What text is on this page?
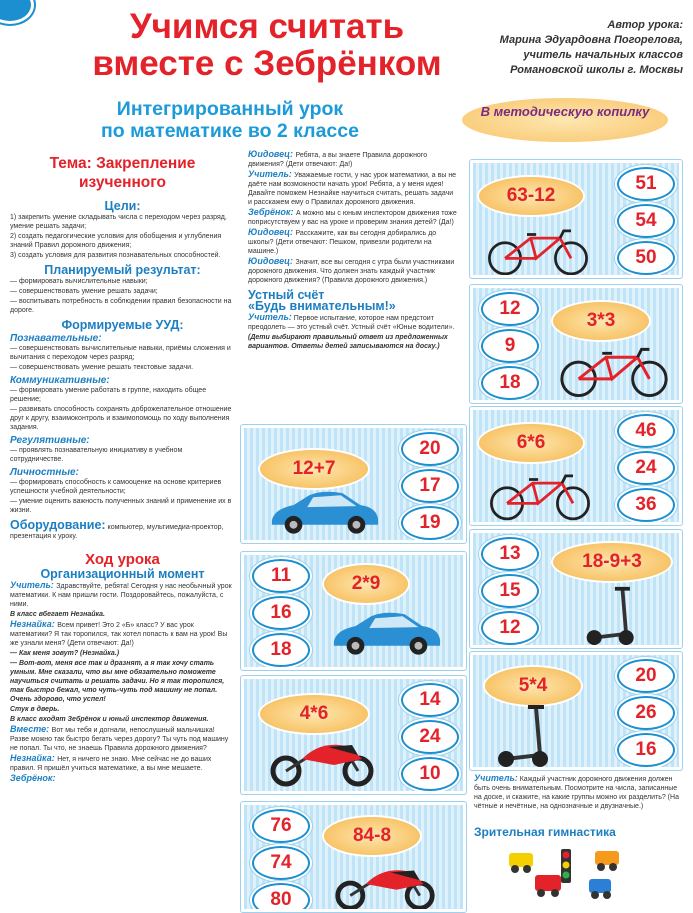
Учимся считать
вместе с Зебрёнком
Автор урока:
Марина Эдуардовна Погорелова,
учитель начальных классов
Романовской школы г. Москвы
Интегрированный урок
по математике во 2 классе
В методическую копилку
Тема: Закрепление изученного
Цели:
1) закрепить умение складывать числа с переходом через разряд, умение решать задачи;
2) создать педагогические условия для обобщения и углубления знаний Правил дорожного движения;
3) создать условия для развития познавательных способностей.
Планируемый результат:
— формировать вычислительные навыки;
— совершенствовать умение решать задачи;
— воспитывать потребность в соблюдении правил безопасности на дороге.
Формируемые УУД:
Познавательные:
— совершенствовать вычислительные навыки, приёмы сложения и вычитания с переходом через разряд;
— совершенствовать умение решать текстовые задачи.
Коммуникативные:
— формировать умение работать в группе, находить общее решение;
— развивать способность сохранять доброжелательное отношение друг к другу, взаимоконтроль и взаимопомощь по ходу выполнения задания.
Регулятивные:
— проявлять познавательную инициативу в учебном сотрудничестве.
Личностные:
— формировать способность к самооценке на основе критериев успешности учебной деятельности;
— умение оценить важность полученных знаний и применение их в жизни.
Оборудование: компьютер, мультимедиа-проектор, презентация к уроку.
Ход урока
Организационный момент
Учитель: Здравствуйте, ребята! Сегодня у нас необычный урок математики. К нам пришли гости. Поздоровайтесь, пожалуйста, с ними.
В класс вбегает Незнайка.
Незнайка: Всем привет! Это 2 «Б» класс? У вас урок математики? Я так торопился, так хотел попасть к вам на урок! Вы же узнали меня? (Дети отвечают: Да!)
— Как меня зовут? (Незнайка.)
— Вот-вот, меня все так и дразнят, а я так хочу стать умным. Мне сказали, что вы мне обязательно поможете научиться считать и решать задачи. Но я так торопился, так быстро бежал, что чуть-чуть под машину не попал. Очень здорово, что успел!
Стук в дверь.
В класс входят Зебрёнок и юный инспектор движения.
Вместе: Вот мы тебя и догнали, непослушный мальчишка! Разве можно так быстро бегать через дорогу? Ты чуть под машину не попал. Ты что, не знаешь Правила дорожного движения?
Незнайка: Нет, я ничего не знаю. Мне сейчас не до ваших правил. Я пришёл учиться математике, а вы мне мешаете.
Зебрёнок:
Юидовец: Ребята, а вы знаете Правила дорожного движения? (Дети отвечают: Да!)
Учитель: Уважаемые гости, у нас урок математики, а вы не даёте нам возможности начать урок! Ребята, а у меня идея! Давайте поможем Незнайке научиться считать, решать задачи и расскажем ему о Правилах дорожного движения.
Зебрёнок: А можно мы с юным инспектором движения тоже поприсутствуем у вас на уроке и проверим знания детей? (Да!)
Юидовец: Расскажите, как вы сегодня добирались до школы? (Дети отвечают: Пешком, привезли родители на машине.)
Юидовец: Значит, все вы сегодня с утра были участниками дорожного движения. Что должен знать каждый участник дорожного движения? (Правила дорожного движения.)
Устный счёт
«Будь внимательным!»
Учитель: Первое испытание, которое нам предстоит преодолеть — это устный счёт. Устный счёт «Юные водители».
(Дети выбирают правильный ответ из предложенных вариантов. Ответы детей записываются на доску.)
12+7
20
17
19
2*9
11
16
18
4*6
14
24
10
84-8
76
74
80
63-12
51
54
50
3*3
12
9
18
6*6
46
24
36
18-9+3
13
15
12
5*4	20
26
16
Учитель: Каждый участник дорожного движения должен быть очень внимательным. Посмотрите на числа, записанные на доске, и скажите, на какие группы можно их разделить? (На чётные и нечётные, на однозначные и двузначные.)
Зрительная гимнастика
